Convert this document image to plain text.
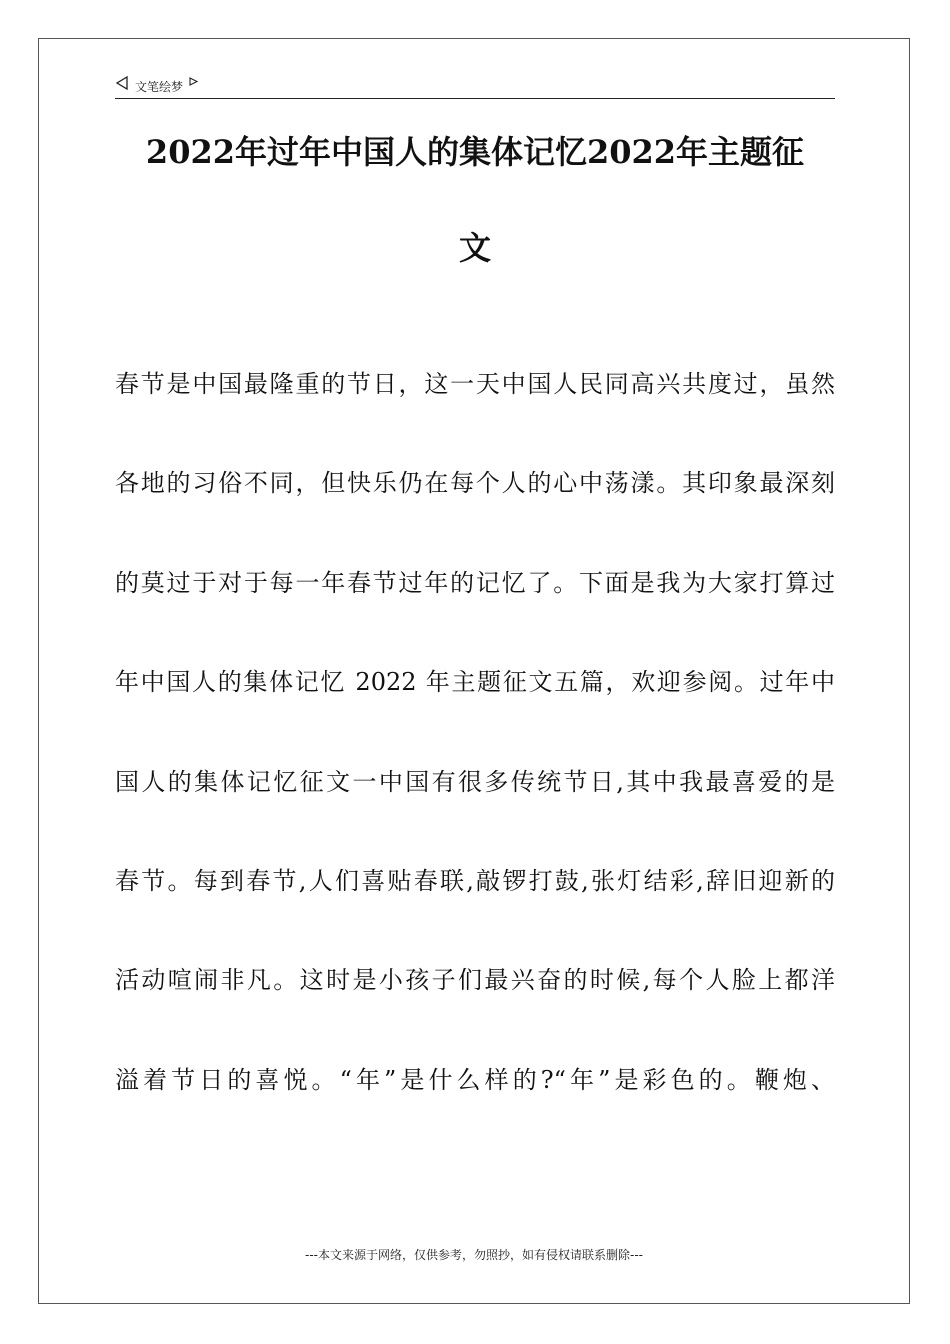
文笔绘梦
2022年过年中国人的集体记忆2022年主题征
文
春节是中国最隆重的节日，这一天中国人民同高兴共度过，虽然
各地的习俗不同，但快乐仍在每个人的心中荡漾。其印象最深刻
的莫过于对于每一年春节过年的记忆了。下面是我为大家打算过
年中国人的集体记忆 2022 年主题征文五篇，欢迎参阅。过年中
国人的集体记忆征文一中国有很多传统节日,其中我最喜爱的是
春节。每到春节,人们喜贴春联,敲锣打鼓,张灯结彩,辞旧迎新的
活动喧闹非凡。这时是小孩子们最兴奋的时候,每个人脸上都洋
溢着节日的喜悦。“年”是什么样的?“年”是彩色的。鞭炮、
---本文来源于网络，仅供参考，勿照抄，如有侵权请联系删除---
